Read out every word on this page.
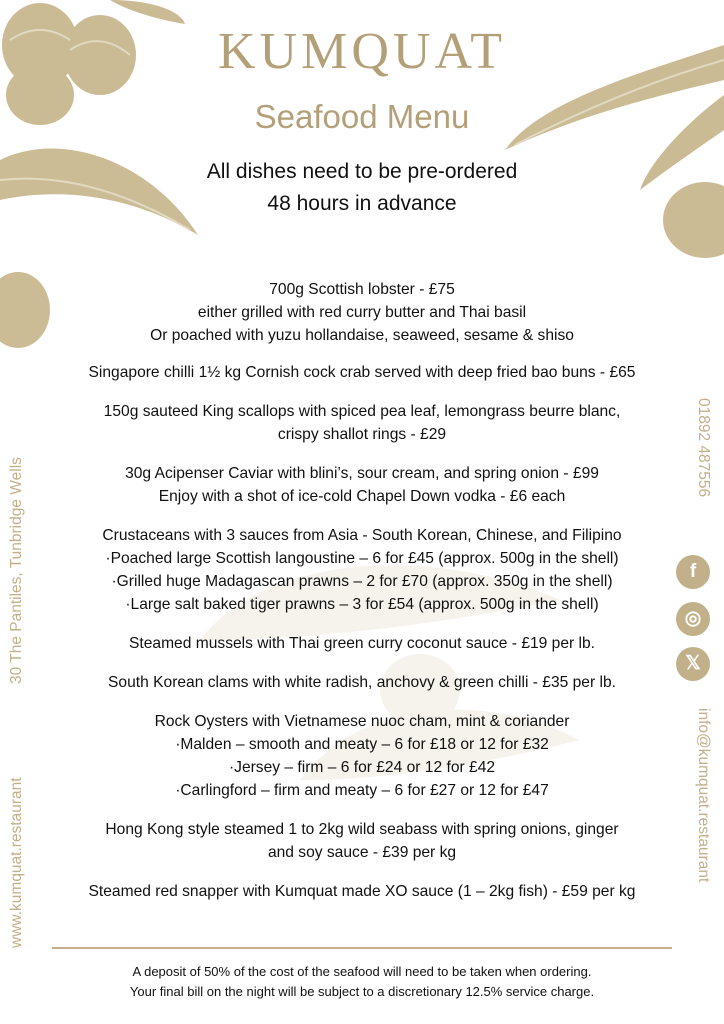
KUMQUAT
Seafood Menu
All dishes need to be pre-ordered
48 hours in advance
700g Scottish lobster - £75
either grilled with red curry butter and Thai basil
Or poached with yuzu hollandaise, seaweed, sesame & shiso
Singapore chilli 1½ kg Cornish cock crab served with deep fried bao buns - £65
150g sauteed King scallops with spiced pea leaf, lemongrass beurre blanc,
crispy shallot rings - £29
30g Acipenser Caviar with blini’s, sour cream, and spring onion - £99
Enjoy with a shot of ice-cold Chapel Down vodka - £6 each
Crustaceans with 3 sauces from Asia - South Korean, Chinese, and Filipino
·Poached large Scottish langoustine – 6 for £45 (approx. 500g in the shell)
·Grilled huge Madagascan prawns – 2 for £70 (approx. 350g in the shell)
·Large salt baked tiger prawns – 3 for £54 (approx. 500g in the shell)
Steamed mussels with Thai green curry coconut sauce - £19 per lb.
South Korean clams with white radish, anchovy & green chilli - £35 per lb.
Rock Oysters with Vietnamese nuoc cham, mint & coriander
·Malden – smooth and meaty – 6 for £18 or 12 for £32
·Jersey – firm – 6 for £24 or 12 for £42
·Carlingford – firm and meaty – 6 for £27 or 12 for £47
Hong Kong style steamed 1 to 2kg wild seabass with spring onions, ginger
and soy sauce - £39 per kg
Steamed red snapper with Kumquat made XO sauce (1 – 2kg fish) - £59 per kg
30 The Pantiles, Tunbridge Wells
www.kumquat.restaurant
01892 487556
info@kumquat.restaurant
f
◎
𝕏
A deposit of 50% of the cost of the seafood will need to be taken when ordering.
Your final bill on the night will be subject to a discretionary 12.5% service charge.
